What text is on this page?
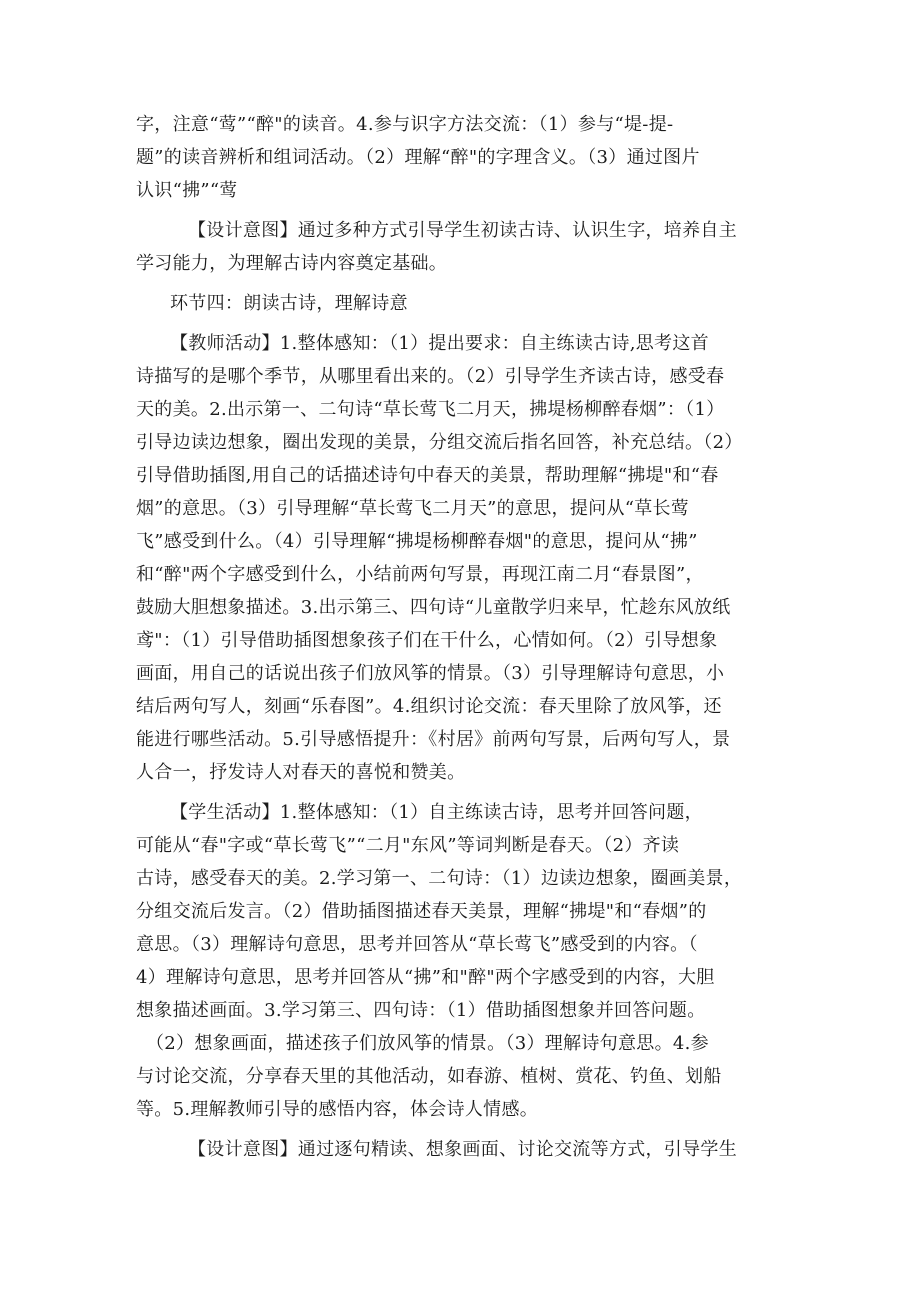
字，注意“莺”“醉"的读音。4.参与识字方法交流：（1）参与“堤-提-
题”的读音辨析和组词活动。（2）理解“醉"的字理含义。（3）通过图片
认识“拂”“莺

【设计意图】通过多种方式引导学生初读古诗、认识生字，培养自主
学习能力，为理解古诗内容奠定基础。

环节四：朗读古诗，理解诗意

【教师活动】1.整体感知：（1）提出要求：自主练读古诗,思考这首
诗描写的是哪个季节，从哪里看出来的。（2）引导学生齐读古诗，感受春
天的美。2.出示第一、二句诗“草长莺飞二月天，拂堤杨柳醉春烟”：（1）
引导边读边想象，圈出发现的美景，分组交流后指名回答，补充总结。（2）
引导借助插图,用自己的话描述诗句中春天的美景，帮助理解“拂堤"和“春
烟”的意思。（3）引导理解“草长莺飞二月天”的意思，提问从“草长莺
飞”感受到什么。（4）引导理解“拂堤杨柳醉春烟"的意思，提问从“拂”
和“醉"两个字感受到什么，小结前两句写景，再现江南二月“春景图”，
鼓励大胆想象描述。3.出示第三、四句诗“儿童散学归来早，忙趁东风放纸
鸢"：（1）引导借助插图想象孩子们在干什么，心情如何。（2）引导想象
画面，用自己的话说出孩子们放风筝的情景。（3）引导理解诗句意思，小
结后两句写人，刻画“乐春图”。4.组织讨论交流：春天里除了放风筝，还
能进行哪些活动。5.引导感悟提升：《村居》前两句写景，后两句写人，景
人合一，抒发诗人对春天的喜悦和赞美。

【学生活动】1.整体感知：（1）自主练读古诗，思考并回答问题，
可能从“春"字或“草长莺飞”“二月"东风”等词判断是春天。（2）齐读
古诗，感受春天的美。2.学习第一、二句诗：（1）边读边想象，圈画美景，
分组交流后发言。（2）借助插图描述春天美景，理解“拂堤"和“春烟”的
意思。（3）理解诗句意思，思考并回答从“草长莺飞”感受到的内容。（
4）理解诗句意思，思考并回答从“拂”和"醉"两个字感受到的内容，大胆
想象描述画面。3.学习第三、四句诗：（1）借助插图想象并回答问题。
（2）想象画面，描述孩子们放风筝的情景。（3）理解诗句意思。4.参
与讨论交流，分享春天里的其他活动，如春游、植树、赏花、钓鱼、划船
等。5.理解教师引导的感悟内容，体会诗人情感。

【设计意图】通过逐句精读、想象画面、讨论交流等方式，引导学生
